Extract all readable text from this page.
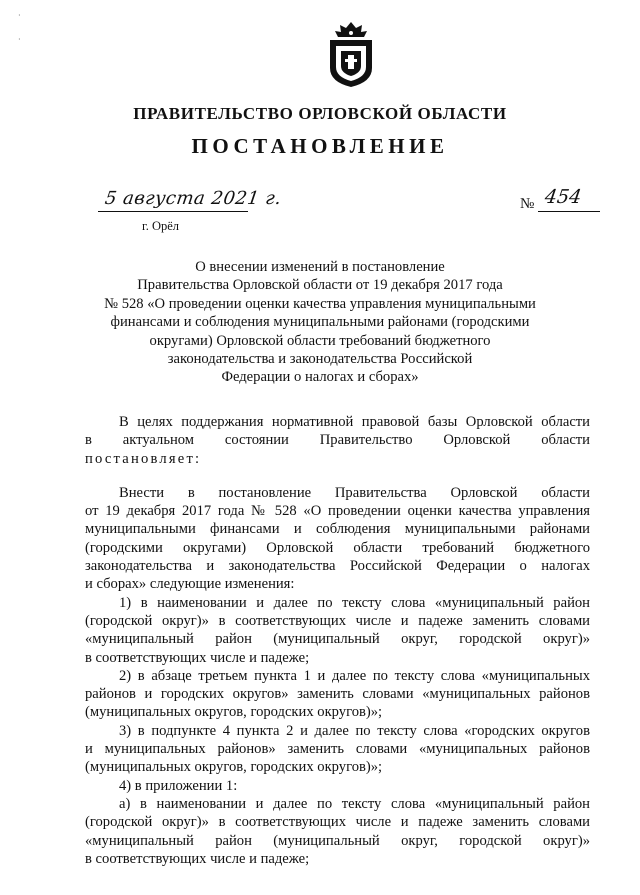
·

·
ПРАВИТЕЛЬСТВО ОРЛОВСКОЙ ОБЛАСТИ
ПОСТАНОВЛЕНИЕ
5 августа 2021 г.
г. Орёл
№ 454
О внесении изменений в постановление
Правительства Орловской области от 19 декабря 2017 года
№ 528 «О проведении оценки качества управления муниципальными
финансами и соблюдения муниципальными районами (городскими
округами) Орловской области требований бюджетного
законодательства и законодательства Российской
Федерации о налогах и сборах»
В целях поддержания нормативной правовой базы Орловской области
в актуальном состоянии Правительство Орловской области
постановляет:
Внести в постановление Правительства Орловской области
от 19 декабря 2017 года № 528 «О проведении оценки качества управления
муниципальными финансами и соблюдения муниципальными районами
(городскими округами) Орловской области требований бюджетного
законодательства и законодательства Российской Федерации о налогах
и сборах» следующие изменения:
1) в наименовании и далее по тексту слова «муниципальный район
(городской округ)» в соответствующих числе и падеже заменить словами
«муниципальный район (муниципальный округ, городской округ)»
в соответствующих числе и падеже;
2) в абзаце третьем пункта 1 и далее по тексту слова «муниципальных
районов и городских округов» заменить словами «муниципальных районов
(муниципальных округов, городских округов)»;
3) в подпункте 4 пункта 2 и далее по тексту слова «городских округов
и муниципальных районов» заменить словами «муниципальных районов
(муниципальных округов, городских округов)»;
4) в приложении 1:
а) в наименовании и далее по тексту слова «муниципальный район
(городской округ)» в соответствующих числе и падеже заменить словами
«муниципальный район (муниципальный округ, городской округ)»
в соответствующих числе и падеже;
